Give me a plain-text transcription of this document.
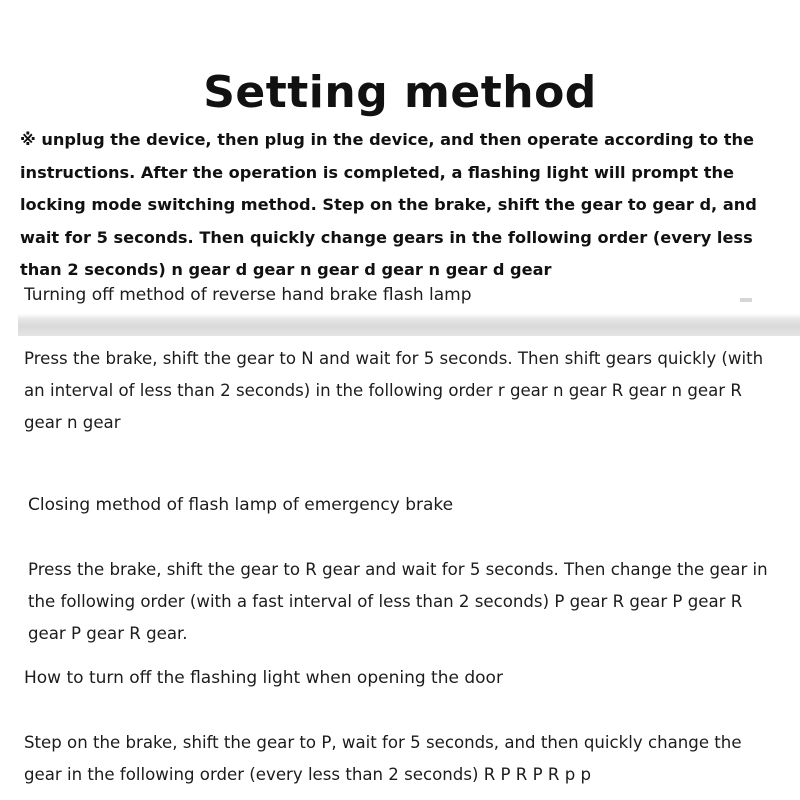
Setting method

※ unplug the device, then plug in the device, and then operate according to the instructions. After the operation is completed, a flashing light will prompt the locking mode switching method. Step on the brake, shift the gear to gear d, and wait for 5 seconds. Then quickly change gears in the following order (every less than 2 seconds) n gear d gear n gear d gear n gear d gear

Turning off method of reverse hand brake flash lamp

Press the brake, shift the gear to N and wait for 5 seconds. Then shift gears quickly (with an interval of less than 2 seconds) in the following order r gear n gear R gear n gear R gear n gear

Closing method of flash lamp of emergency brake

Press the brake, shift the gear to R gear and wait for 5 seconds. Then change the gear in the following order (with a fast interval of less than 2 seconds) P gear R gear P gear R gear P gear R gear.

How to turn off the flashing light when opening the door

Step on the brake, shift the gear to P, wait for 5 seconds, and then quickly change the gear in the following order (every less than 2 seconds) R P R P R p p
